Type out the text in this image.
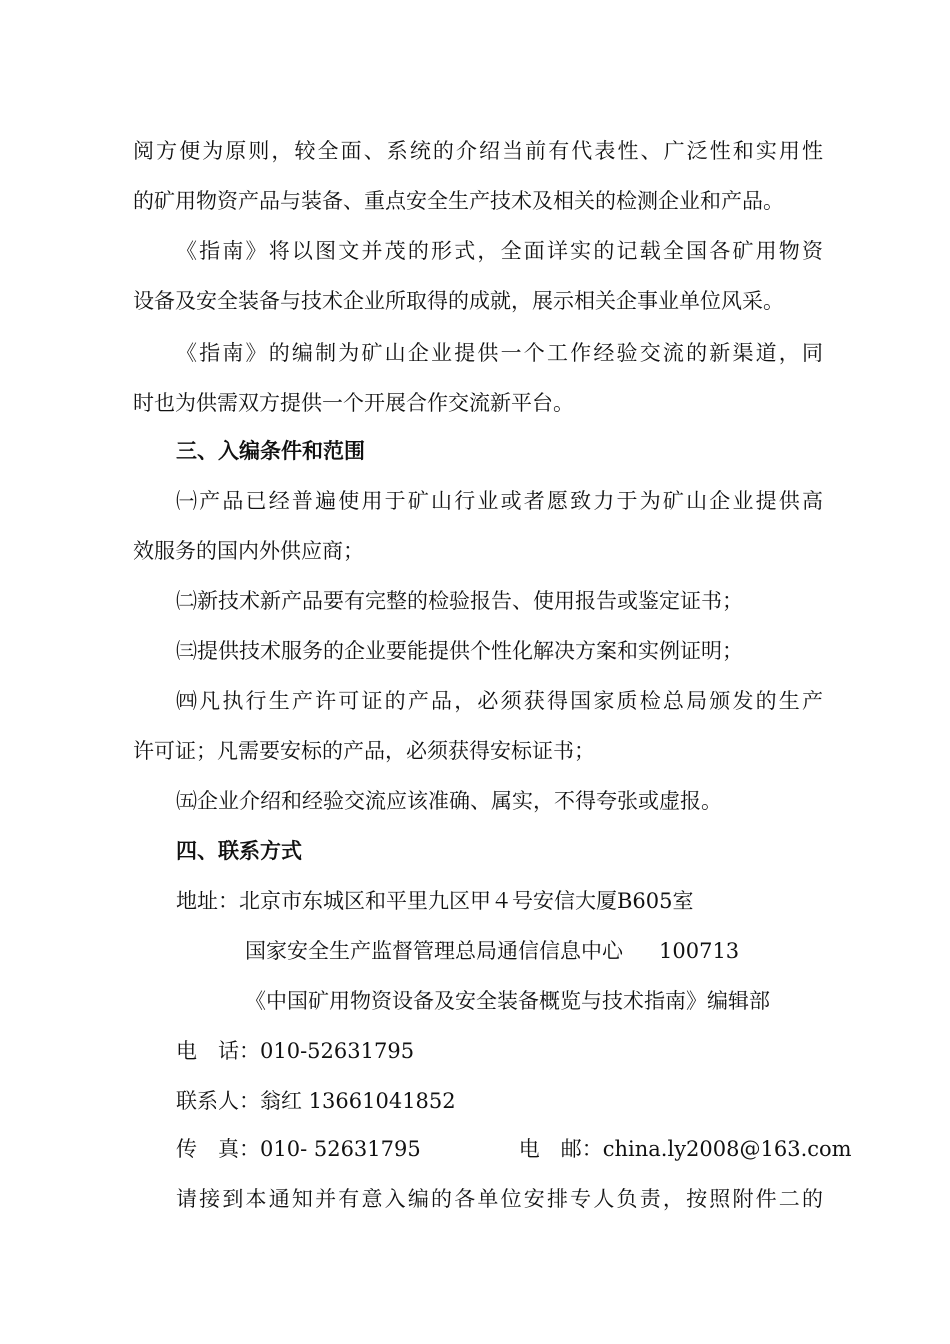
阅方便为原则，较全面、系统的介绍当前有代表性、广泛性和实用性
的矿用物资产品与装备、重点安全生产技术及相关的检测企业和产品。
《指南》将以图文并茂的形式，全面详实的记载全国各矿用物资
设备及安全装备与技术企业所取得的成就，展示相关企事业单位风采。
《指南》的编制为矿山企业提供一个工作经验交流的新渠道，同
时也为供需双方提供一个开展合作交流新平台。
三、入编条件和范围
㈠产品已经普遍使用于矿山行业或者愿致力于为矿山企业提供高
效服务的国内外供应商；
㈡新技术新产品要有完整的检验报告、使用报告或鉴定证书；
㈢提供技术服务的企业要能提供个性化解决方案和实例证明；
㈣凡执行生产许可证的产品，必须获得国家质检总局颁发的生产
许可证；凡需要安标的产品，必须获得安标证书；
㈤企业介绍和经验交流应该准确、属实，不得夸张或虚报。
四、联系方式
地址：北京市东城区和平里九区甲４号安信大厦B605室
国家安全生产监督管理总局通信信息中心 100713
《中国矿用物资设备及安全装备概览与技术指南》编辑部
电　话：010-52631795
联系人：翁红 13661041852
传　真：010- 52631795	电　邮：china.ly2008@163.com
请接到本通知并有意入编的各单位安排专人负责，按照附件二的
